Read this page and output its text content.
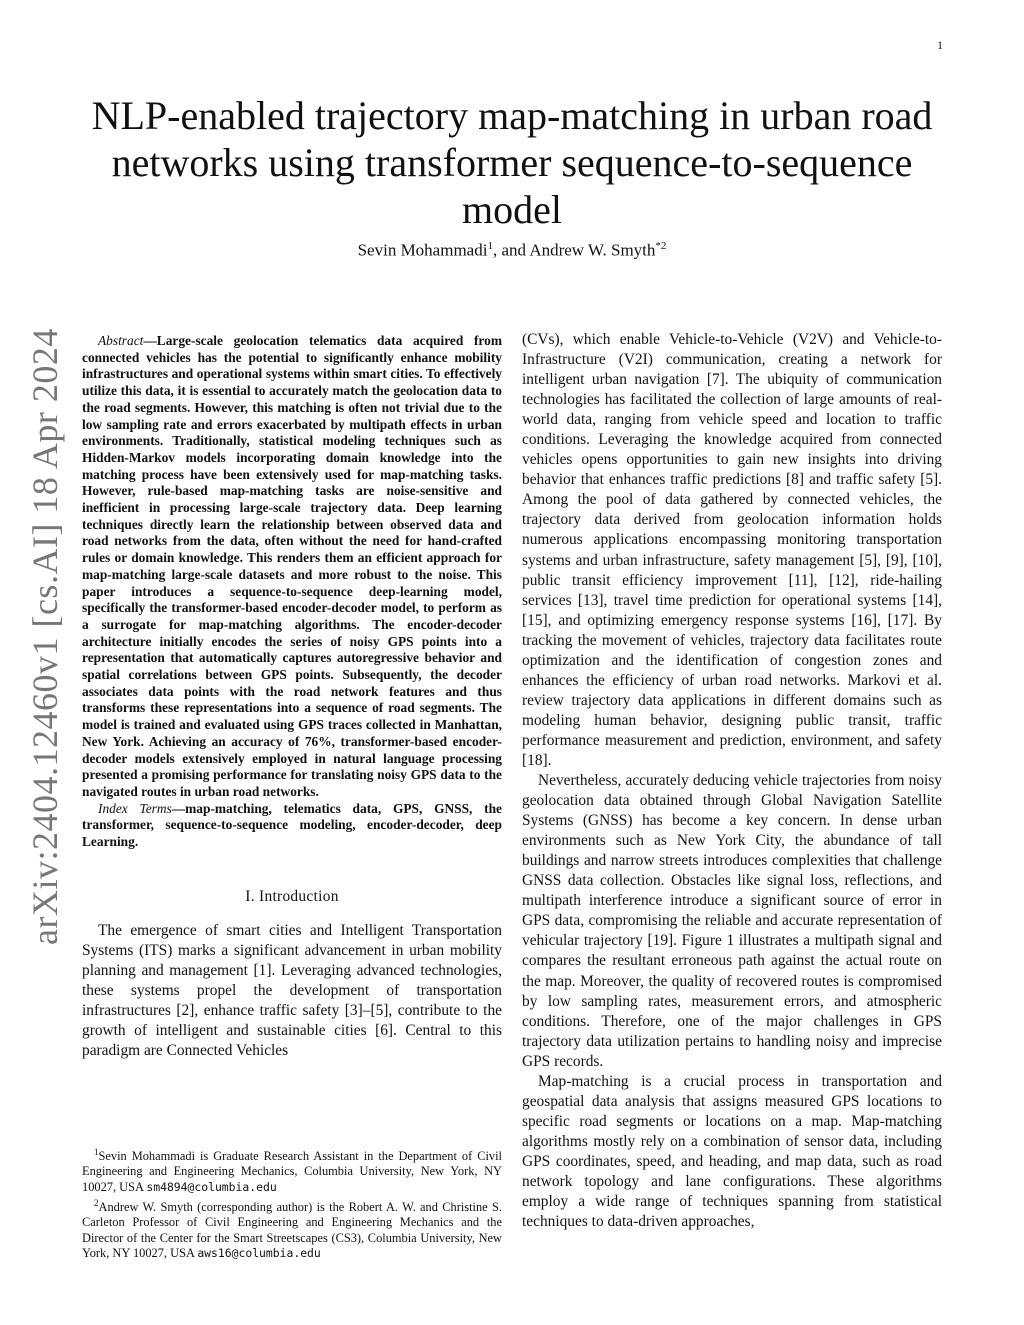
1
NLP-enabled trajectory map-matching in urban road networks using transformer sequence-to-sequence model
Sevin Mohammadi$^1$, and Andrew W. Smyth$^{*2}$
arXiv:2404.12460v1 [cs.AI] 18 Apr 2024	Abstract—Large-scale geolocation telematics data acquired from connected vehicles has the potential to significantly enhance mobility infrastructures and operational systems within smart cities. To effectively utilize this data, it is essential to accurately match the geolocation data to the road segments. However, this matching is often not trivial due to the low sampling rate and errors exacerbated by multipath effects in urban environments. Traditionally, statistical modeling techniques such as Hidden-Markov models incorporating domain knowledge into the matching process have been extensively used for map-matching tasks. However, rule-based map-matching tasks are noise-sensitive and inefficient in processing large-scale trajectory data. Deep learning techniques directly learn the relationship between observed data and road networks from the data, often without the need for hand-crafted rules or domain knowledge. This renders them an efficient approach for map-matching large-scale datasets and more robust to the noise. This paper introduces a sequence-to-sequence deep-learning model, specifically the transformer-based encoder-decoder model, to perform as a surrogate for map-matching algorithms. The encoder-decoder architecture initially encodes the series of noisy GPS points into a representation that automatically captures autoregressive behavior and spatial correlations between GPS points. Subsequently, the decoder associates data points with the road network features and thus transforms these representations into a sequence of road segments. The model is trained and evaluated using GPS traces collected in Manhattan, New York. Achieving an accuracy of 76%, transformer-based encoder-decoder models extensively employed in natural language processing presented a promising performance for translating noisy GPS data to the navigated routes in urban road networks.

Index Terms—map-matching, telematics data, GPS, GNSS, the transformer, sequence-to-sequence modeling, encoder-decoder, deep Learning.

I. Introduction

The emergence of smart cities and Intelligent Transportation Systems (ITS) marks a significant advancement in urban mobility planning and management [1]. Leveraging advanced technologies, these systems propel the development of transportation infrastructures [2], enhance traffic safety [3]–[5], contribute to the growth of intelligent and sustainable cities [6]. Central to this paradigm are Connected Vehicles

$^1$Sevin Mohammadi is Graduate Research Assistant in the Department of Civil Engineering and Engineering Mechanics, Columbia University, New York, NY 10027, USA sm4894@columbia.edu

$^2$Andrew W. Smyth (corresponding author) is the Robert A. W. and Christine S. Carleton Professor of Civil Engineering and Engineering Mechanics and the Director of the Center for the Smart Streetscapes (CS3), Columbia University, New York, NY 10027, USA aws16@columbia.edu

(CVs), which enable Vehicle-to-Vehicle (V2V) and Vehicle-to-Infrastructure (V2I) communication, creating a network for intelligent urban navigation [7]. The ubiquity of communication technologies has facilitated the collection of large amounts of real-world data, ranging from vehicle speed and location to traffic conditions. Leveraging the knowledge acquired from connected vehicles opens opportunities to gain new insights into driving behavior that enhances traffic predictions [8] and traffic safety [5]. Among the pool of data gathered by connected vehicles, the trajectory data derived from geolocation information holds numerous applications encompassing monitoring transportation systems and urban infrastructure, safety management [5], [9], [10], public transit efficiency improvement [11], [12], ride-hailing services [13], travel time prediction for operational systems [14], [15], and optimizing emergency response systems [16], [17]. By tracking the movement of vehicles, trajectory data facilitates route optimization and the identification of congestion zones and enhances the efficiency of urban road networks. Markovi et al. review trajectory data applications in different domains such as modeling human behavior, designing public transit, traffic performance measurement and prediction, environment, and safety [18].

Nevertheless, accurately deducing vehicle trajectories from noisy geolocation data obtained through Global Navigation Satellite Systems (GNSS) has become a key concern. In dense urban environments such as New York City, the abundance of tall buildings and narrow streets introduces complexities that challenge GNSS data collection. Obstacles like signal loss, reflections, and multipath interference introduce a significant source of error in GPS data, compromising the reliable and accurate representation of vehicular trajectory [19]. Figure 1 illustrates a multipath signal and compares the resultant erroneous path against the actual route on the map. Moreover, the quality of recovered routes is compromised by low sampling rates, measurement errors, and atmospheric conditions. Therefore, one of the major challenges in GPS trajectory data utilization pertains to handling noisy and imprecise GPS records.

Map-matching is a crucial process in transportation and geospatial data analysis that assigns measured GPS locations to specific road segments or locations on a map. Map-matching algorithms mostly rely on a combination of sensor data, including GPS coordinates, speed, and heading, and map data, such as road network topology and lane configurations. These algorithms employ a wide range of techniques spanning from statistical techniques to data-driven approaches,
